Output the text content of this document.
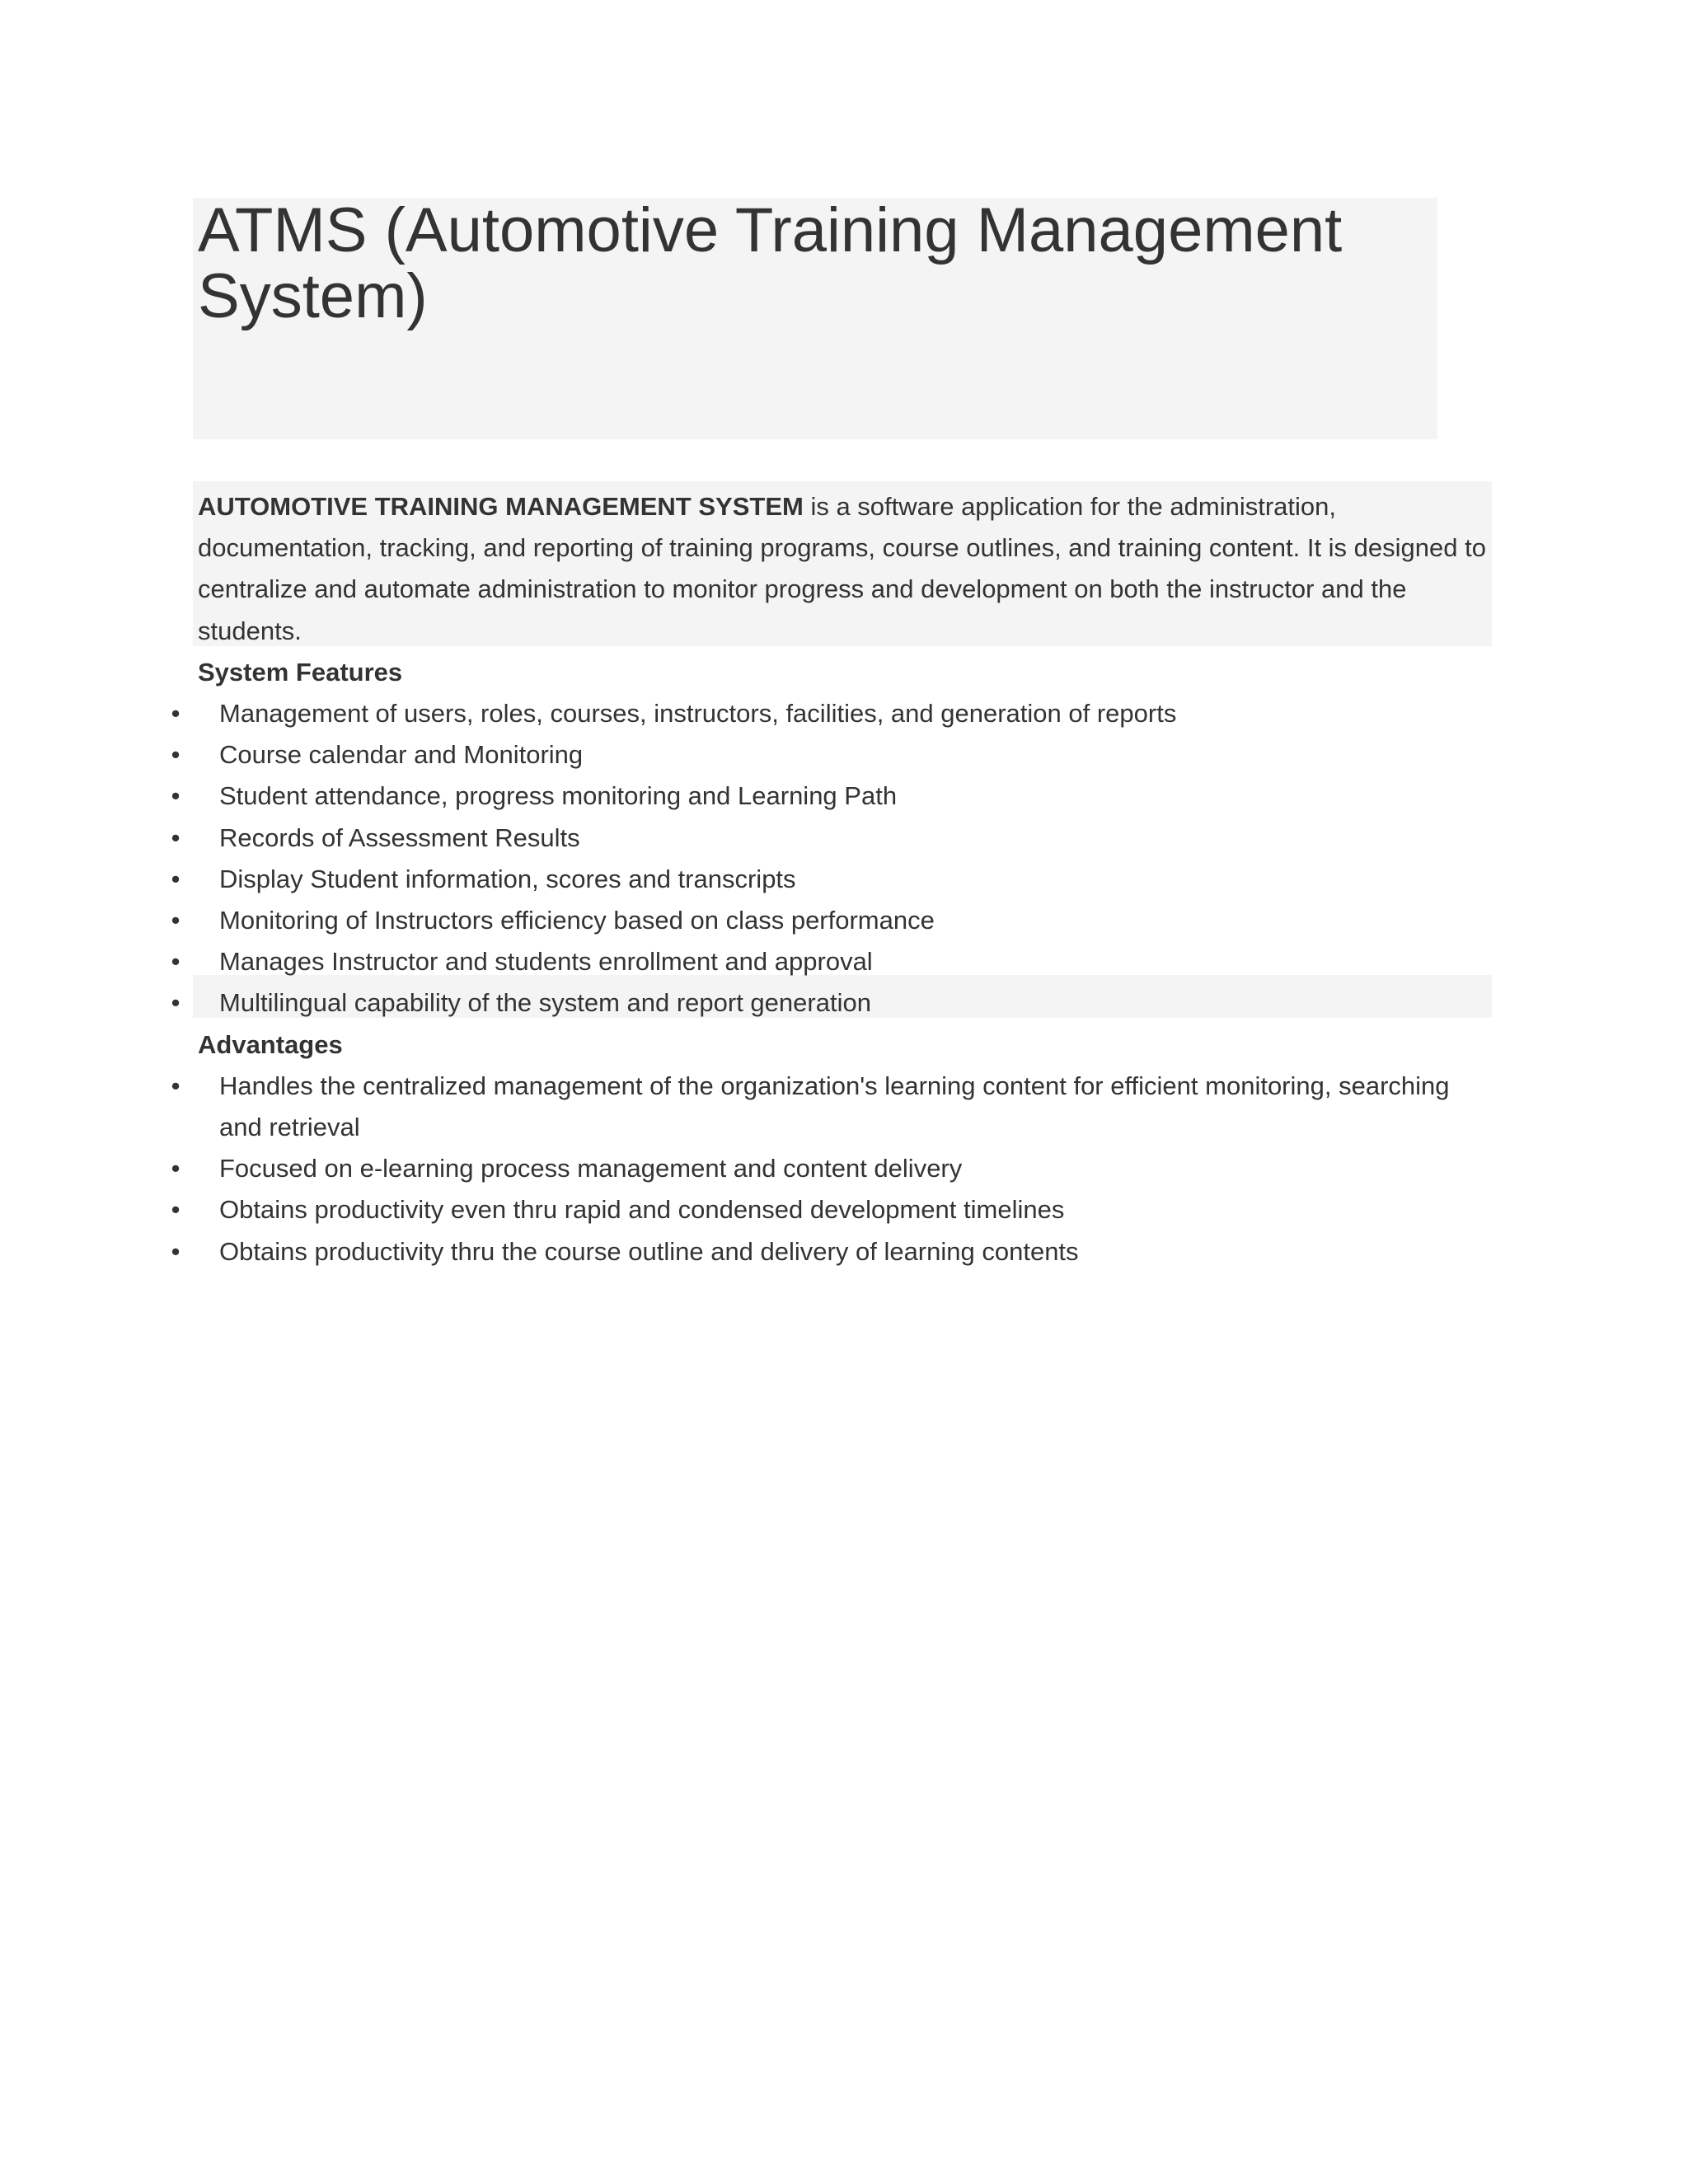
ATMS (Automotive Training Management System)

AUTOMOTIVE TRAINING MANAGEMENT SYSTEM is a software application for the administration, documentation, tracking, and reporting of training programs, course outlines, and training content. It is designed to centralize and automate administration to monitor progress and development on both the instructor and the students.

System Features

• Management of users, roles, courses, instructors, facilities, and generation of reports
• Course calendar and Monitoring
• Student attendance, progress monitoring and Learning Path
• Records of Assessment Results
• Display Student information, scores and transcripts
• Monitoring of Instructors efficiency based on class performance
• Manages Instructor and students enrollment and approval
• Multilingual capability of the system and report generation

Advantages

• Handles the centralized management of the organization's learning content for efficient monitoring, searching and retrieval
• Focused on e-learning process management and content delivery
• Obtains productivity even thru rapid and condensed development timelines
• Obtains productivity thru the course outline and delivery of learning contents
